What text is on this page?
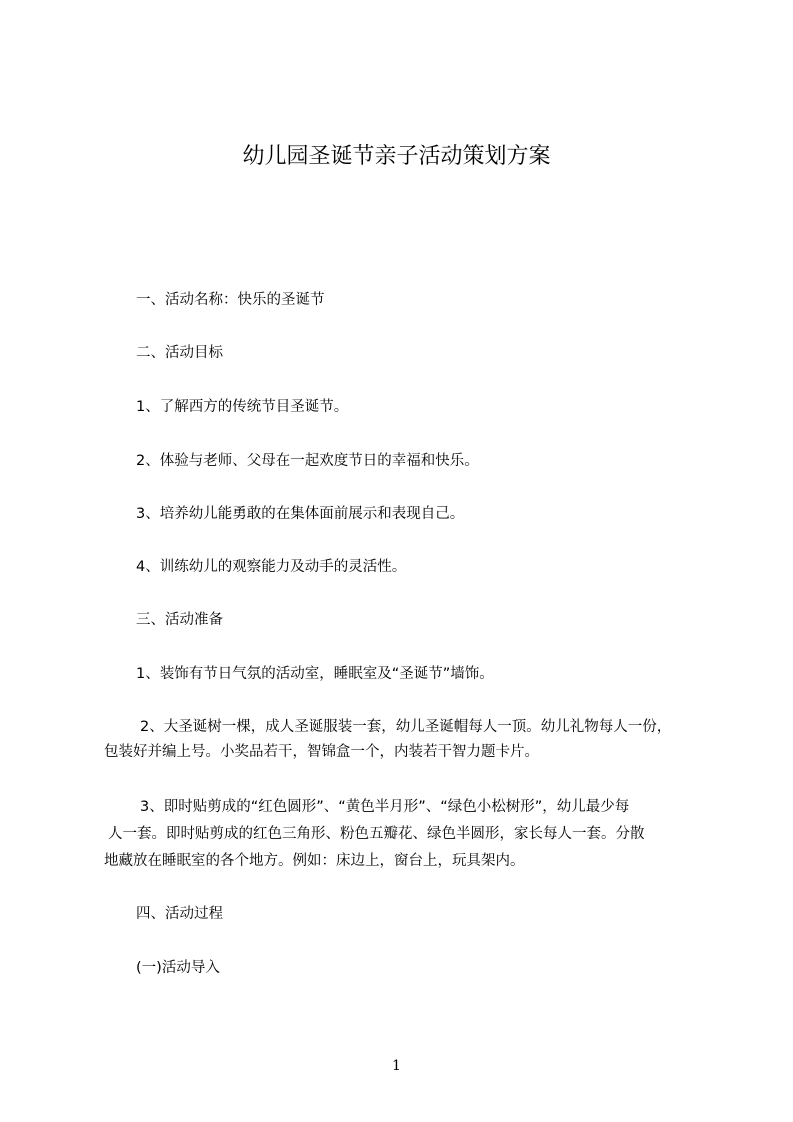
幼儿园圣诞节亲子活动策划方案
一、活动名称：快乐的圣诞节
二、活动目标
1、了解西方的传统节目圣诞节。
2、体验与老师、父母在一起欢度节日的幸福和快乐。
3、培养幼儿能勇敢的在集体面前展示和表现自己。
4、训练幼儿的观察能力及动手的灵活性。
三、活动准备
1、装饰有节日气氛的活动室，睡眠室及“圣诞节”墙饰。
2、大圣诞树一棵，成人圣诞服装一套，幼儿圣诞帽每人一顶。幼儿礼物每人一份，
包装好并编上号。小奖品若干，智锦盒一个，内装若干智力题卡片。
3、即时贴剪成的“红色圆形”、“黄色半月形”、“绿色小松树形”，幼儿最少每
人一套。即时贴剪成的红色三角形、粉色五瓣花、绿色半圆形，家长每人一套。分散
地藏放在睡眠室的各个地方。例如：床边上，窗台上，玩具架内。
四、活动过程
(一)活动导入
1
